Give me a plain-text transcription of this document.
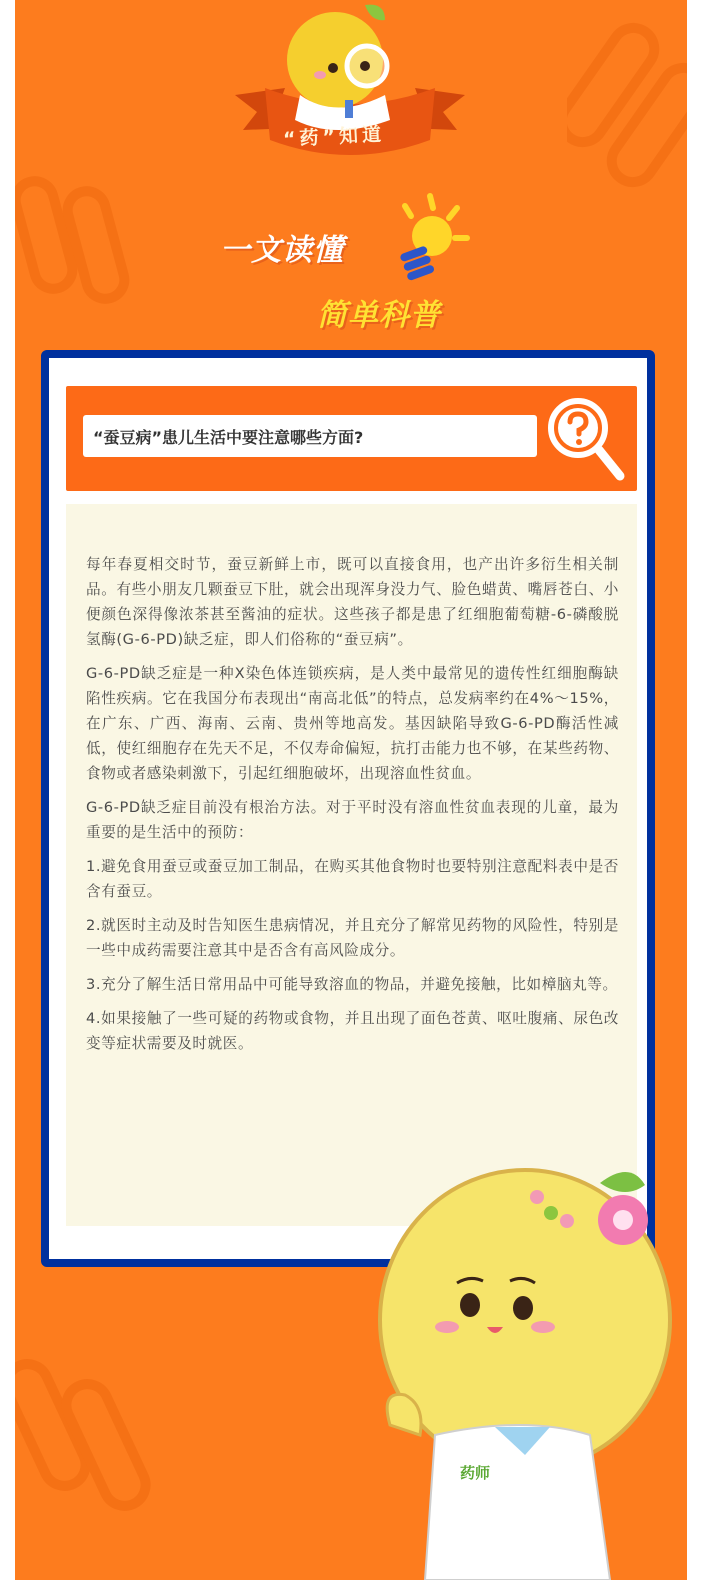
“药”知道
一文读懂
简单科普
“蚕豆病”患儿生活中要注意哪些方面?

每年春夏相交时节，蚕豆新鲜上市，既可以直接食用，也产出许多衍生相关制品。有些小朋友几颗蚕豆下肚，就会出现浑身没力气、脸色蜡黄、嘴唇苍白、小便颜色深得像浓茶甚至酱油的症状。这些孩子都是患了红细胞葡萄糖-6-磷酸脱氢酶(G-6-PD)缺乏症，即人们俗称的“蚕豆病”。

G-6-PD缺乏症是一种X染色体连锁疾病，是人类中最常见的遗传性红细胞酶缺陷性疾病。它在我国分布表现出“南高北低”的特点，总发病率约在4%～15%，在广东、广西、海南、云南、贵州等地高发。基因缺陷导致G-6-PD酶活性减低，使红细胞存在先天不足，不仅寿命偏短，抗打击能力也不够，在某些药物、食物或者感染刺激下，引起红细胞破坏，出现溶血性贫血。

G-6-PD缺乏症目前没有根治方法。对于平时没有溶血性贫血表现的儿童，最为重要的是生活中的预防：

1.避免食用蚕豆或蚕豆加工制品，在购买其他食物时也要特别注意配料表中是否含有蚕豆。

2.就医时主动及时告知医生患病情况，并且充分了解常见药物的风险性，特别是一些中成药需要注意其中是否含有高风险成分。

3.充分了解生活日常用品中可能导致溶血的物品，并避免接触，比如樟脑丸等。

4.如果接触了一些可疑的药物或食物，并且出现了面色苍黄、呕吐腹痛、尿色改变等症状需要及时就医。

药师
